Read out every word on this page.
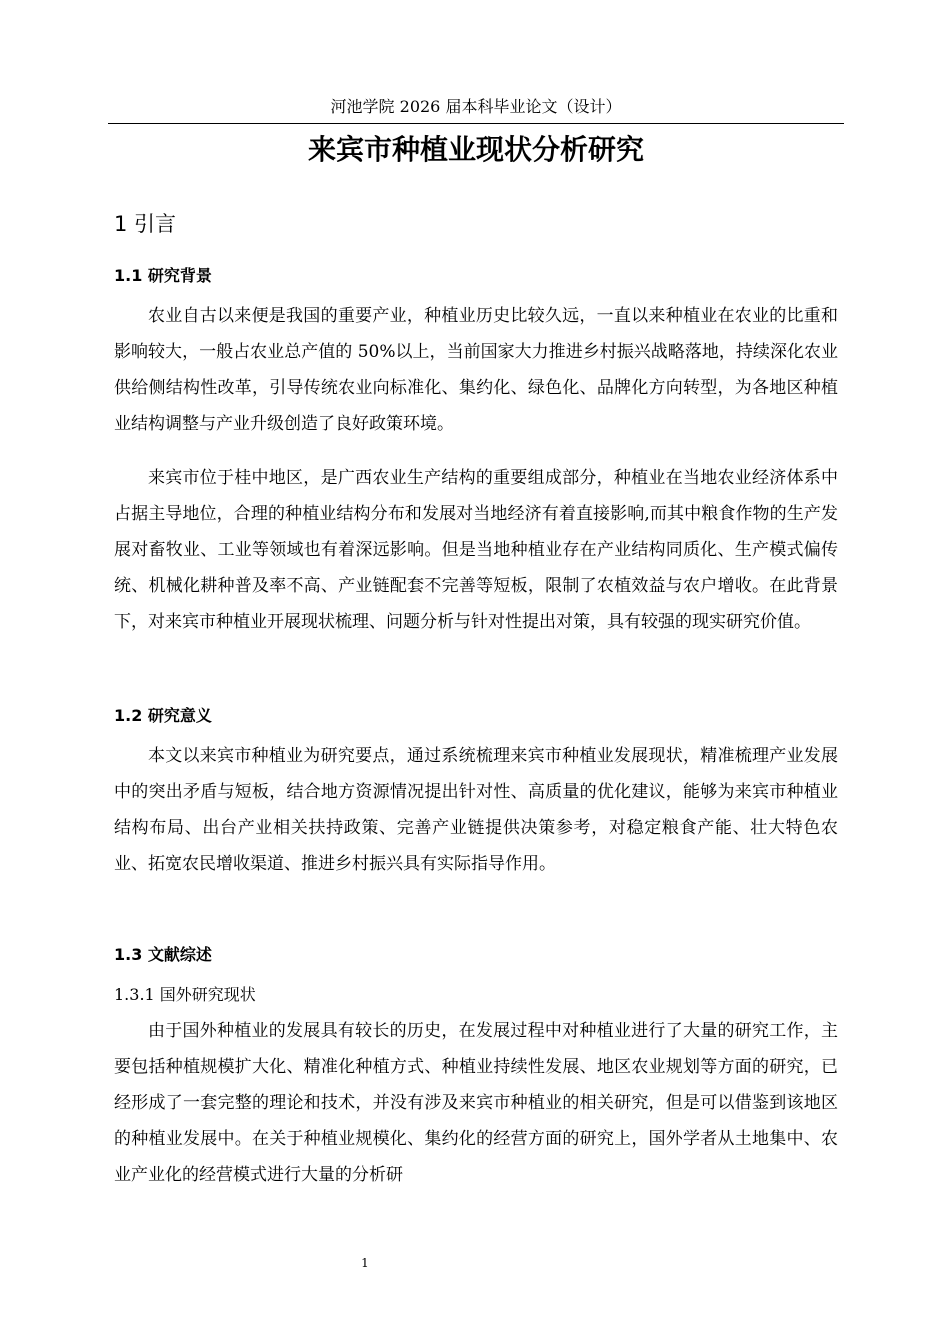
河池学院 2026 届本科毕业论文（设计）
来宾市种植业现状分析研究
1 引言
1.1 研究背景

农业自古以来便是我国的重要产业，种植业历史比较久远，一直以来种植业在农业的比重和影响较大，一般占农业总产值的 50%以上，当前国家大力推进乡村振兴战略落地，持续深化农业供给侧结构性改革，引导传统农业向标准化、集约化、绿色化、品牌化方向转型，为各地区种植业结构调整与产业升级创造了良好政策环境。

来宾市位于桂中地区，是广西农业生产结构的重要组成部分，种植业在当地农业经济体系中占据主导地位，合理的种植业结构分布和发展对当地经济有着直接影响,而其中粮食作物的生产发展对畜牧业、工业等领域也有着深远影响。但是当地种植业存在产业结构同质化、生产模式偏传统、机械化耕种普及率不高、产业链配套不完善等短板，限制了农植效益与农户增收。在此背景下，对来宾市种植业开展现状梳理、问题分析与针对性提出对策，具有较强的现实研究价值。

1.2 研究意义

本文以来宾市种植业为研究要点，通过系统梳理来宾市种植业发展现状，精准梳理产业发展中的突出矛盾与短板，结合地方资源情况提出针对性、高质量的优化建议，能够为来宾市种植业结构布局、出台产业相关扶持政策、完善产业链提供决策参考，对稳定粮食产能、壮大特色农业、拓宽农民增收渠道、推进乡村振兴具有实际指导作用。

1.3 文献综述
1.3.1 国外研究现状

由于国外种植业的发展具有较长的历史，在发展过程中对种植业进行了大量的研究工作，主要包括种植规模扩大化、精准化种植方式、种植业持续性发展、地区农业规划等方面的研究，已经形成了一套完整的理论和技术，并没有涉及来宾市种植业的相关研究，但是可以借鉴到该地区的种植业发展中。在关于种植业规模化、集约化的经营方面的研究上，国外学者从土地集中、农业产业化的经营模式进行大量的分析研

1
